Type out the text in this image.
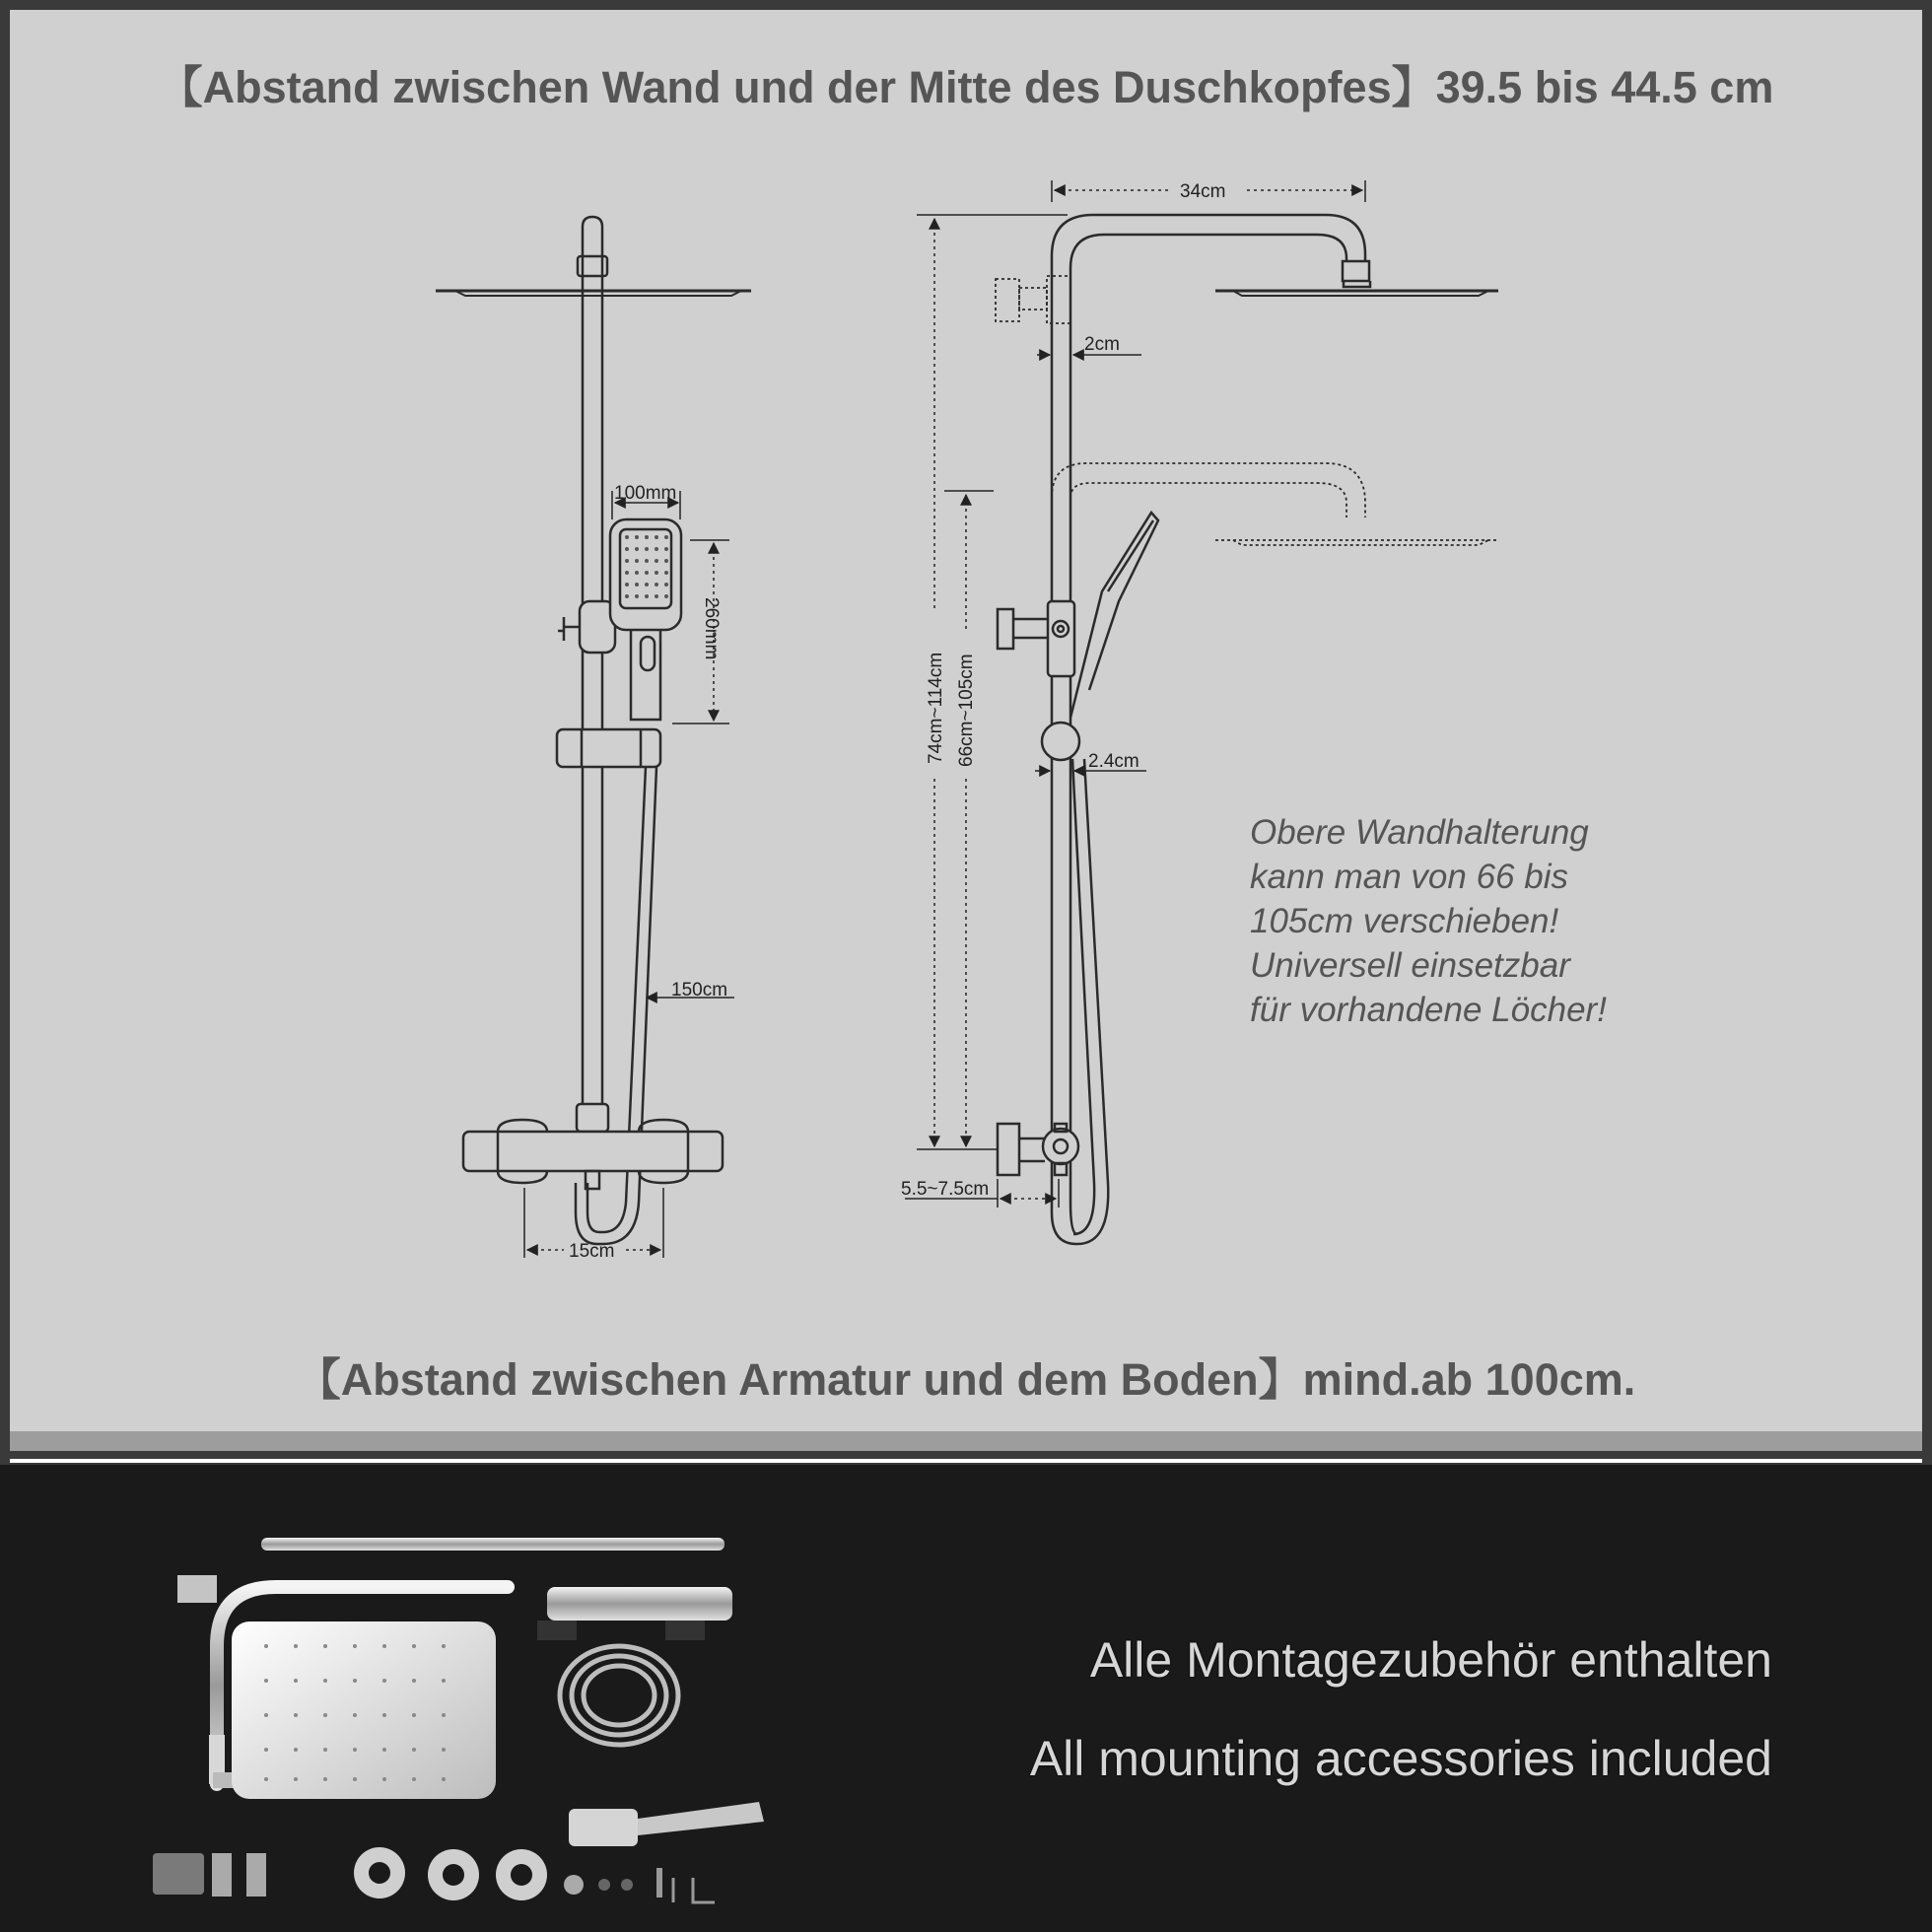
【Abstand zwischen Wand und der Mitte des Duschkopfes】39.5 bis 44.5 cm
100mm
260mm
150cm
15cm
34cm
2cm
2.4cm
74cm~114cm 66cm~105cm
5.5~7.5cm
Obere Wandhalterung
kann man von 66 bis
105cm verschieben!
Universell einsetzbar
für vorhandene Löcher!
【Abstand zwischen Armatur und dem Boden】mind.ab 100cm.
Alle Montagezubehör enthalten
All mounting accessories included
